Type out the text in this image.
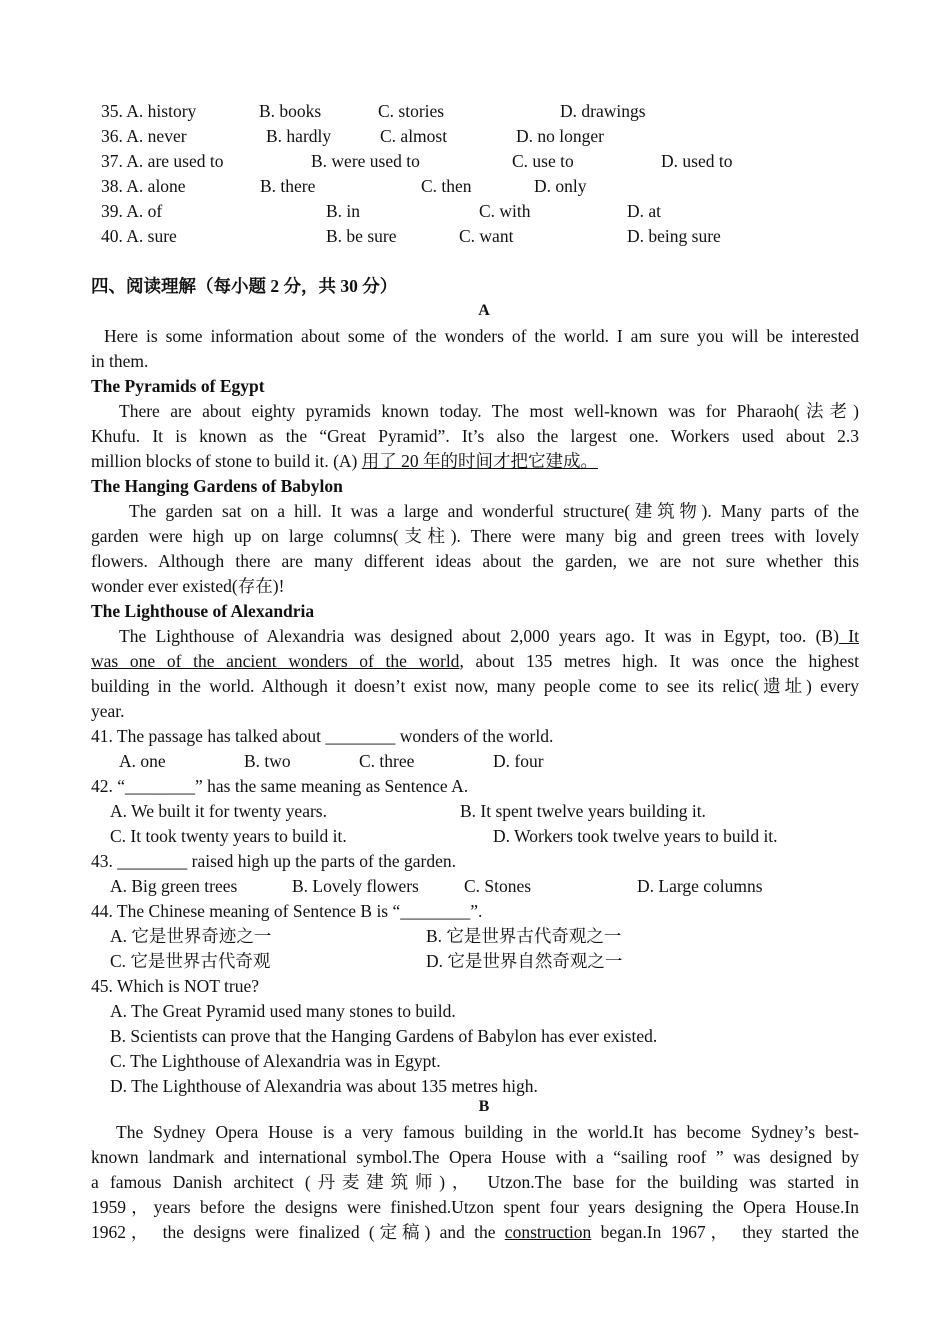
35. A. history	B. books	C. stories	D. drawings
36. A. never	B. hardly	C. almost	D. no longer
37. A. are used to	B. were used to	C. use to	D. used to
38. A. alone	B. there	C. then	D. only
39. A. of	B. in	C. with	D. at
40. A. sure	B. be sure	C. want	D. being sure
四、阅读理解（每小题 2 分，共 30 分）
A
Here is some information about some of the wonders of the world. I am sure you will be interested
in them.
The Pyramids of Egypt
There are about eighty pyramids known today. The most well-known was for Pharaoh(法老)
Khufu. It is known as the “Great Pyramid”. It’s also the largest one. Workers used about 2.3
million blocks of stone to build it. (A) 用了 20 年的时间才把它建成。
The Hanging Gardens of Babylon
The garden sat on a hill. It was a large and wonderful structure(建筑物). Many parts of the
garden were high up on large columns(支柱). There were many big and green trees with lovely
flowers. Although there are many different ideas about the garden, we are not sure whether this
wonder ever existed(存在)!
The Lighthouse of Alexandria
The Lighthouse of Alexandria was designed about 2,000 years ago. It was in Egypt, too. (B) It
was one of the ancient wonders of the world, about 135 metres high. It was once the highest
building in the world. Although it doesn’t exist now, many people come to see its relic(遗址) every
year.
41. The passage has talked about ________ wonders of the world.
A. one	B. two	C. three	D. four
42. “________” has the same meaning as Sentence A.
A. We built it for twenty years.	B. It spent twelve years building it.
C. It took twenty years to build it.	D. Workers took twelve years to build it.
43. ________ raised high up the parts of the garden.
A. Big green trees	B. Lovely flowers	C. Stones	D. Large columns
44. The Chinese meaning of Sentence B is “________”.
A. 它是世界奇迹之一	B. 它是世界古代奇观之一
C. 它是世界古代奇观	D. 它是世界自然奇观之一
45. Which is NOT true?
A. The Great Pyramid used many stones to build.
B. Scientists can prove that the Hanging Gardens of Babylon has ever existed.
C. The Lighthouse of Alexandria was in Egypt.
D. The Lighthouse of Alexandria was about 135 metres high.
B
The Sydney Opera House is a very famous building in the world.It has become Sydney’s best-
known landmark and international symbol.The Opera House with a “sailing roof ” was designed by
a famous Danish architect (丹麦建筑师)， Utzon.The base for the building was started in
1959，years before the designs were finished.Utzon spent four years designing the Opera House.In
1962， the designs were finalized (定稿) and the construction began.In 1967， they started the
